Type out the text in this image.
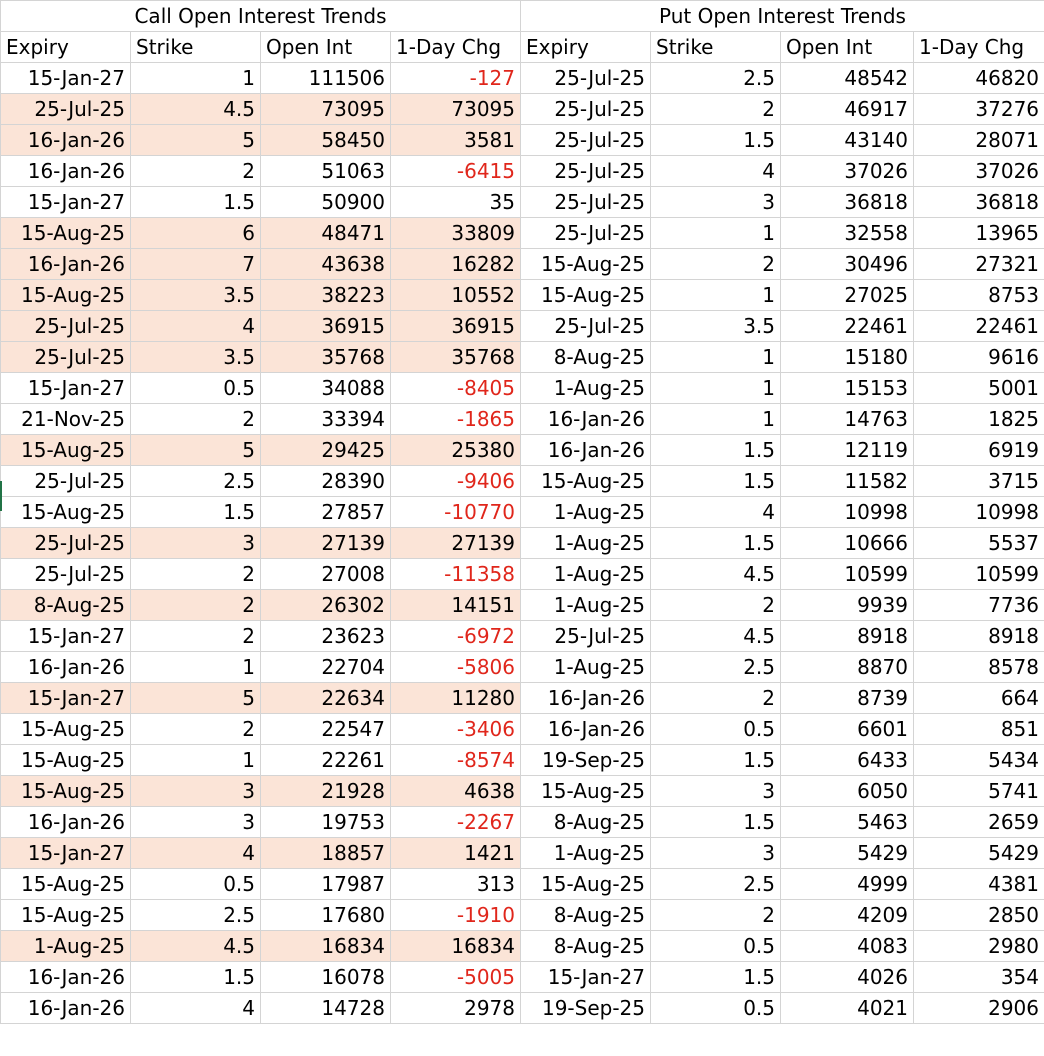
Call Open Interest Trends				Put Open Interest Trends			
Expiry	Strike	Open Int	1-Day Chg	Expiry	Strike	Open Int	1-Day Chg
15-Jan-27	1	111506	-127	25-Jul-25	2.5	48542	46820
25-Jul-25	4.5	73095	73095	25-Jul-25	2	46917	37276
16-Jan-26	5	58450	3581	25-Jul-25	1.5	43140	28071
16-Jan-26	2	51063	-6415	25-Jul-25	4	37026	37026
15-Jan-27	1.5	50900	35	25-Jul-25	3	36818	36818
15-Aug-25	6	48471	33809	25-Jul-25	1	32558	13965
16-Jan-26	7	43638	16282	15-Aug-25	2	30496	27321
15-Aug-25	3.5	38223	10552	15-Aug-25	1	27025	8753
25-Jul-25	4	36915	36915	25-Jul-25	3.5	22461	22461
25-Jul-25	3.5	35768	35768	8-Aug-25	1	15180	9616
15-Jan-27	0.5	34088	-8405	1-Aug-25	1	15153	5001
21-Nov-25	2	33394	-1865	16-Jan-26	1	14763	1825
15-Aug-25	5	29425	25380	16-Jan-26	1.5	12119	6919
25-Jul-25	2.5	28390	-9406	15-Aug-25	1.5	11582	3715
15-Aug-25	1.5	27857	-10770	1-Aug-25	4	10998	10998
25-Jul-25	3	27139	27139	1-Aug-25	1.5	10666	5537
25-Jul-25	2	27008	-11358	1-Aug-25	4.5	10599	10599
8-Aug-25	2	26302	14151	1-Aug-25	2	9939	7736
15-Jan-27	2	23623	-6972	25-Jul-25	4.5	8918	8918
16-Jan-26	1	22704	-5806	1-Aug-25	2.5	8870	8578
15-Jan-27	5	22634	11280	16-Jan-26	2	8739	664
15-Aug-25	2	22547	-3406	16-Jan-26	0.5	6601	851
15-Aug-25	1	22261	-8574	19-Sep-25	1.5	6433	5434
15-Aug-25	3	21928	4638	15-Aug-25	3	6050	5741
16-Jan-26	3	19753	-2267	8-Aug-25	1.5	5463	2659
15-Jan-27	4	18857	1421	1-Aug-25	3	5429	5429
15-Aug-25	0.5	17987	313	15-Aug-25	2.5	4999	4381
15-Aug-25	2.5	17680	-1910	8-Aug-25	2	4209	2850
1-Aug-25	4.5	16834	16834	8-Aug-25	0.5	4083	2980
16-Jan-26	1.5	16078	-5005	15-Jan-27	1.5	4026	354
16-Jan-26	4	14728	2978	19-Sep-25	0.5	4021	2906
